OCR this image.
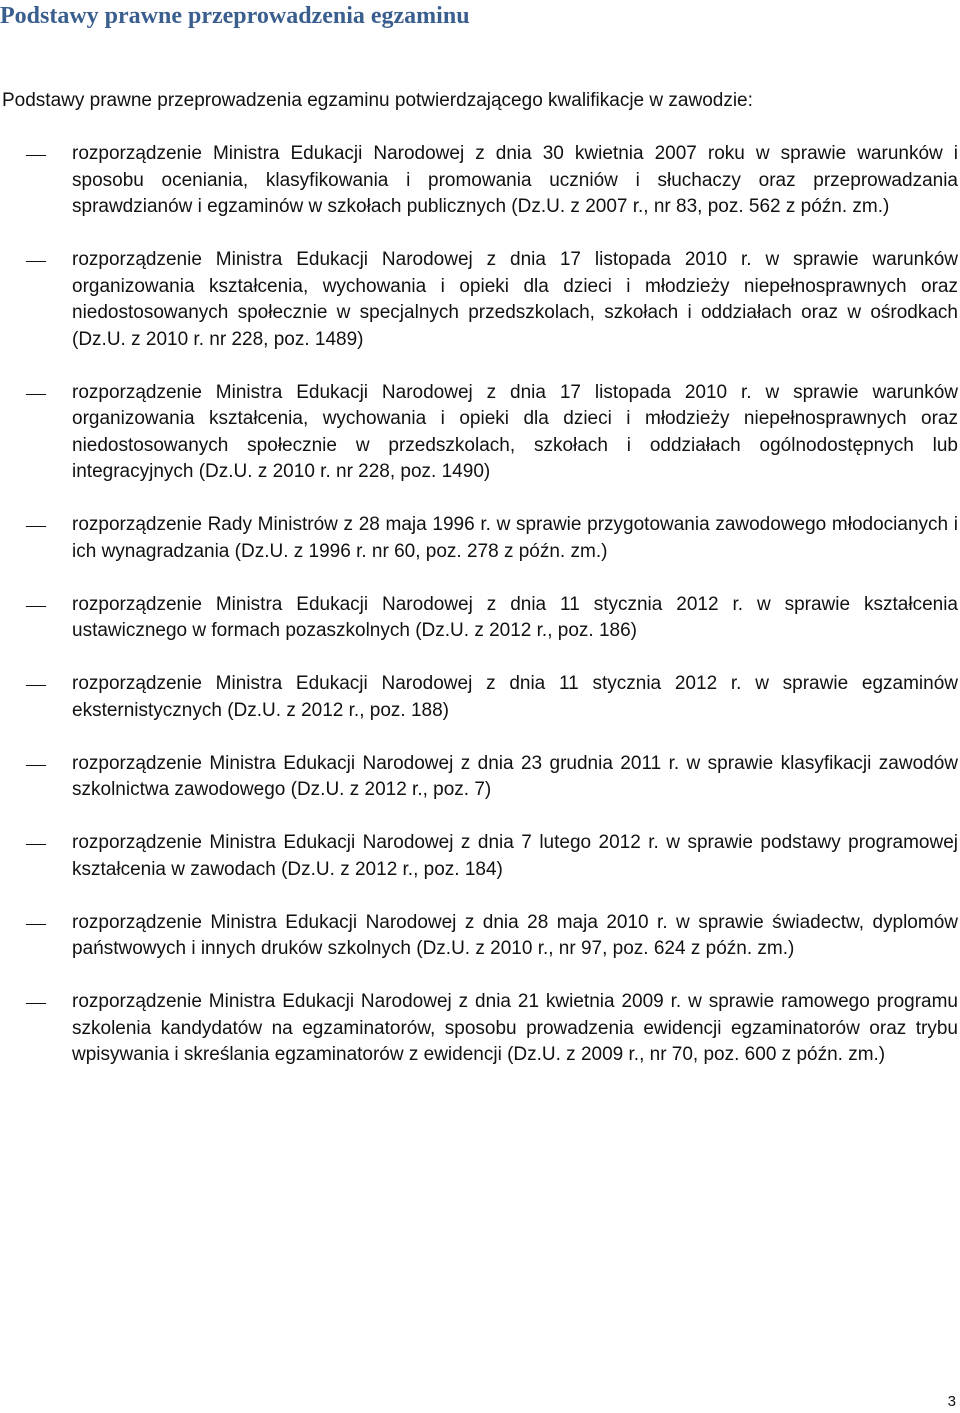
Podstawy prawne przeprowadzenia egzaminu

Podstawy prawne przeprowadzenia egzaminu potwierdzającego kwalifikacje w zawodzie:

rozporządzenie Ministra Edukacji Narodowej z dnia 30 kwietnia 2007 roku w sprawie warunków i sposobu oceniania, klasyfikowania i promowania uczniów i słuchaczy oraz przeprowadzania sprawdzianów i egzaminów w szkołach publicznych (Dz.U. z 2007 r., nr 83, poz. 562 z późn. zm.)

rozporządzenie Ministra Edukacji Narodowej z dnia 17 listopada 2010 r. w sprawie warunków organizowania kształcenia, wychowania i opieki dla dzieci i młodzieży niepełnosprawnych oraz niedostosowanych społecznie w specjalnych przedszkolach, szkołach i oddziałach oraz w ośrodkach (Dz.U. z 2010 r. nr 228, poz. 1489)

rozporządzenie Ministra Edukacji Narodowej z dnia 17 listopada 2010 r. w sprawie warunków organizowania kształcenia, wychowania i opieki dla dzieci i młodzieży niepełnosprawnych oraz niedostosowanych społecznie w przedszkolach, szkołach i oddziałach ogólnodostępnych lub integracyjnych (Dz.U. z 2010 r. nr 228, poz. 1490)

rozporządzenie Rady Ministrów z 28 maja 1996 r. w sprawie przygotowania zawodowego młodocianych i ich wynagradzania (Dz.U. z 1996 r. nr 60, poz. 278 z późn. zm.)

rozporządzenie Ministra Edukacji Narodowej z dnia 11 stycznia 2012 r. w sprawie kształcenia ustawicznego w formach pozaszkolnych (Dz.U. z 2012 r., poz. 186)

rozporządzenie Ministra Edukacji Narodowej z dnia 11 stycznia 2012 r. w sprawie egzaminów eksternistycznych (Dz.U. z 2012 r., poz. 188)

rozporządzenie Ministra Edukacji Narodowej z dnia 23 grudnia 2011 r. w sprawie klasyfikacji zawodów szkolnictwa zawodowego (Dz.U. z 2012 r., poz. 7)

rozporządzenie Ministra Edukacji Narodowej z dnia 7 lutego 2012 r. w sprawie podstawy programowej kształcenia w zawodach (Dz.U. z 2012 r., poz. 184)

rozporządzenie Ministra Edukacji Narodowej z dnia 28 maja 2010 r. w sprawie świadectw, dyplomów państwowych i innych druków szkolnych (Dz.U. z 2010 r., nr 97, poz. 624 z późn. zm.)

rozporządzenie Ministra Edukacji Narodowej z dnia 21 kwietnia 2009 r. w sprawie ramowego programu szkolenia kandydatów na egzaminatorów, sposobu prowadzenia ewidencji egzaminatorów oraz trybu wpisywania i skreślania egzaminatorów z ewidencji (Dz.U. z 2009 r., nr 70, poz. 600 z późn. zm.)

3
